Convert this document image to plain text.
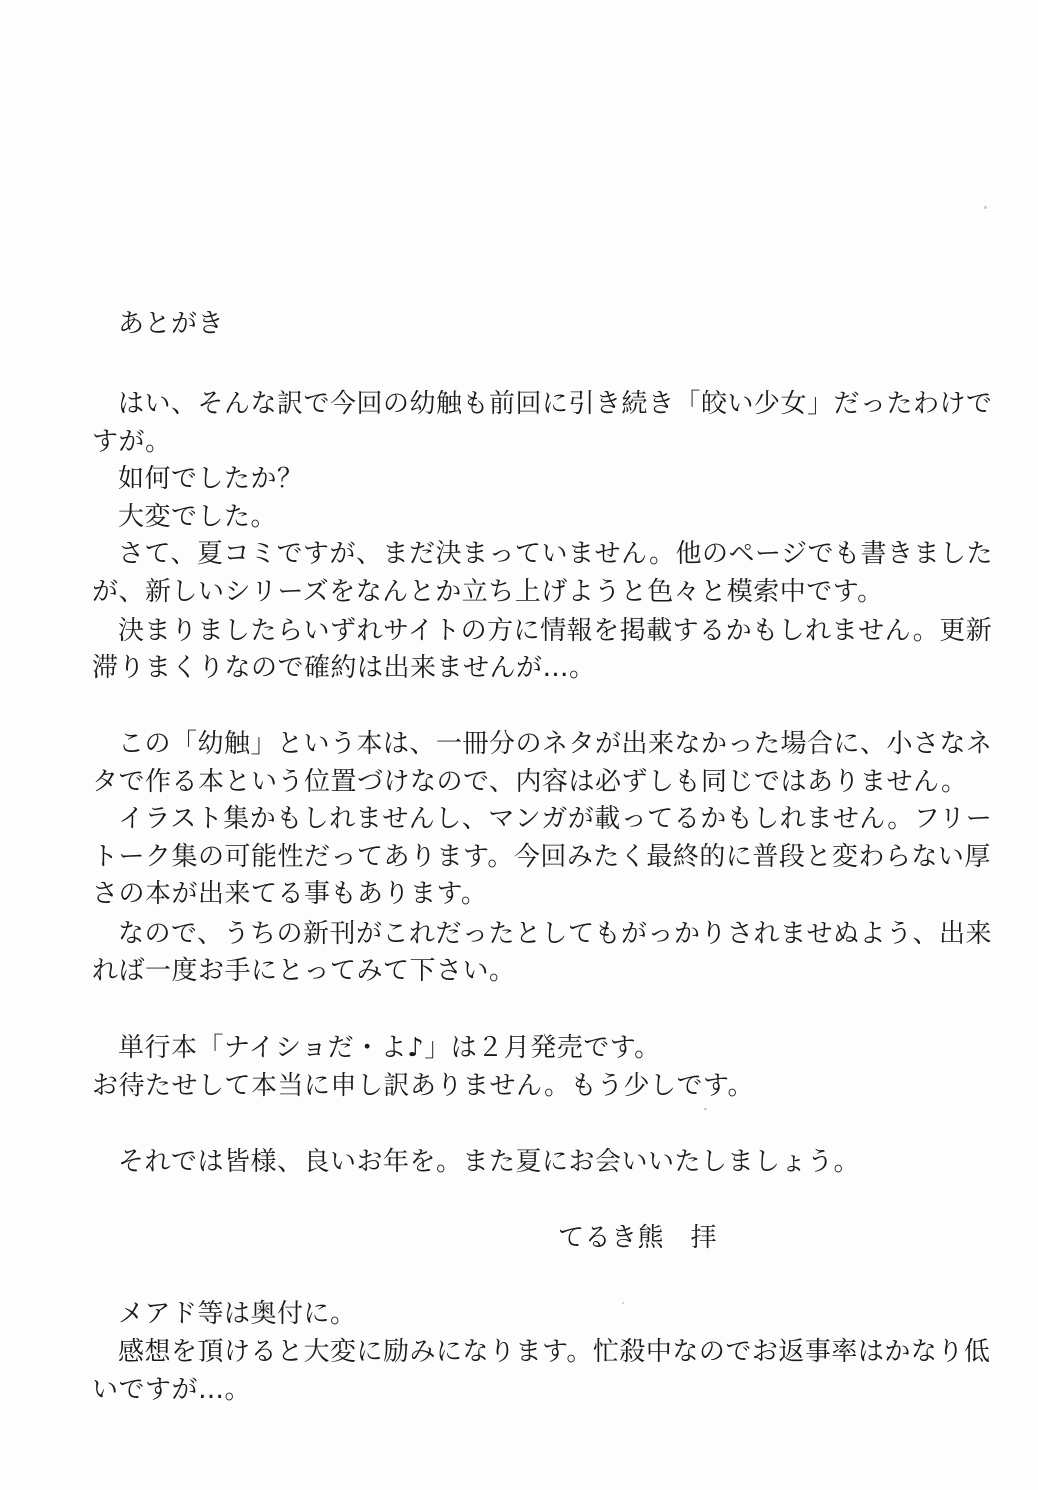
あとがき
はい、そんな訳で今回の幼触も前回に引き続き「皎い少女」だったわけで
すが。
如何でしたか？
大変でした。
さて、夏コミですが、まだ決まっていません。他のページでも書きました
が、新しいシリーズをなんとか立ち上げようと色々と模索中です。
決まりましたらいずれサイトの方に情報を掲載するかもしれません。更新
滞りまくりなので確約は出来ませんが…。
この「幼触」という本は、一冊分のネタが出来なかった場合に、小さなネ
タで作る本という位置づけなので、内容は必ずしも同じではありません。
イラスト集かもしれませんし、マンガが載ってるかもしれません。フリー
トーク集の可能性だってあります。今回みたく最終的に普段と変わらない厚
さの本が出来てる事もあります。
なので、うちの新刊がこれだったとしてもがっかりされませぬよう、出来
れば一度お手にとってみて下さい。
単行本「ナイショだ・よ♪」は２月発売です。
お待たせして本当に申し訳ありません。もう少しです。
それでは皆様、良いお年を。また夏にお会いいたしましょう。
てるき熊　拝
メアド等は奥付に。
感想を頂けると大変に励みになります。忙殺中なのでお返事率はかなり低
いですが…。
